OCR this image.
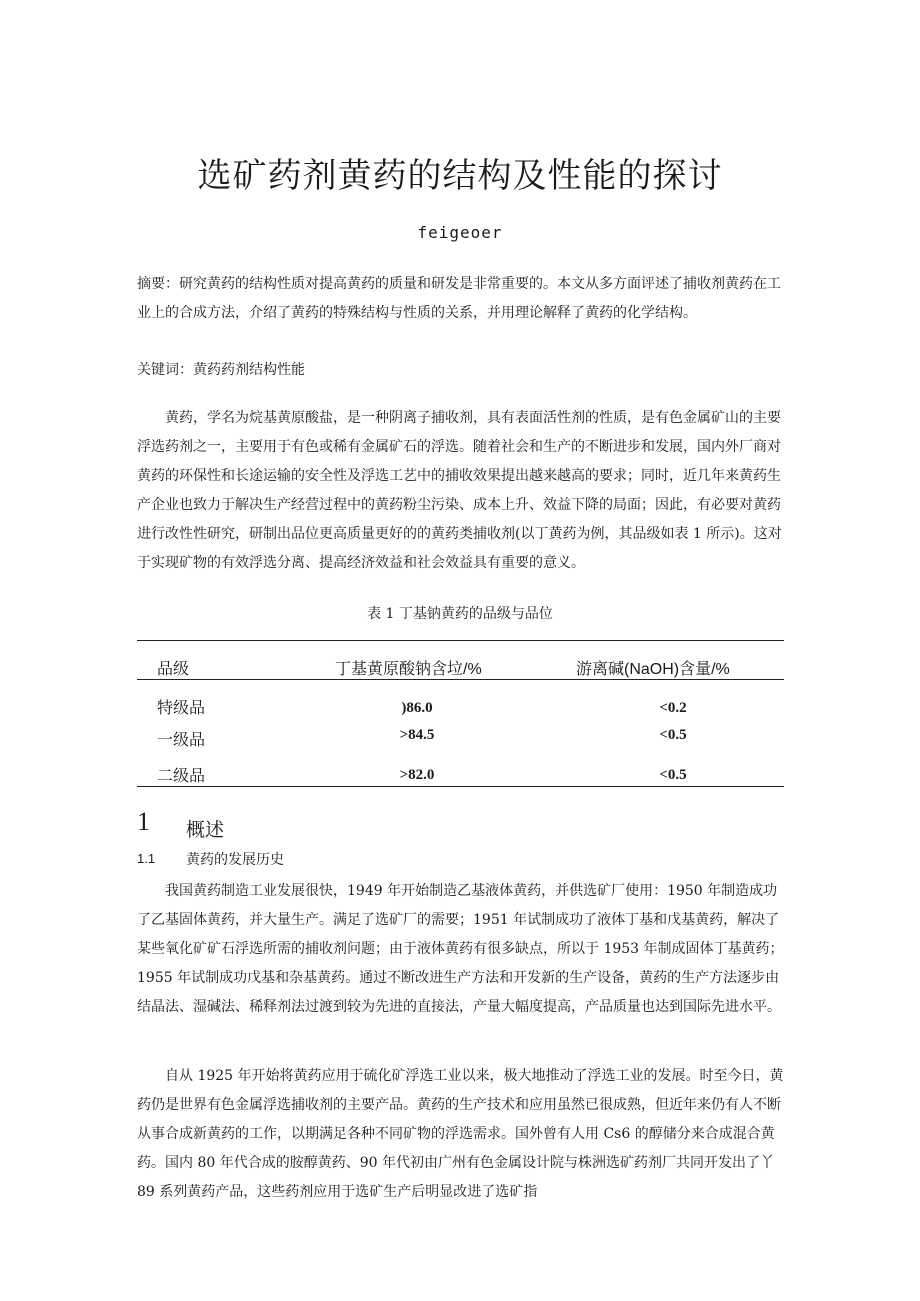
选矿药剂黄药的结构及性能的探讨
feigeoer
摘要：研究黄药的结构性质对提高黄药的质量和研发是非常重要的。本文从多方面评述了捕收剂黄药在工业上的合成方法，介绍了黄药的特殊结构与性质的关系，并用理论解释了黄药的化学结构。
关键词：黄药药剂结构性能
黄药，学名为烷基黄原酸盐，是一种阴离子捕收剂，具有表面活性剂的性质，是有色金属矿山的主要浮选药剂之一，主要用于有色或稀有金属矿石的浮选。随着社会和生产的不断进步和发展，国内外厂商对黄药的环保性和长途运输的安全性及浮选工艺中的捕收效果提出越来越高的要求；同时，近几年来黄药生产企业也致力于解决生产经营过程中的黄药粉尘污染、成本上升、效益下降的局面；因此，有必要对黄药进行改性性研究，研制出品位更高质量更好的的黄药类捕收剂(以丁黄药为例，其品级如表 1 所示)。这对于实现矿物的有效浮选分离、提高经济效益和社会效益具有重要的意义。
表 1 丁基钠黄药的品级与品位
品级	丁基黄原酸钠含垃/%	游离碱(NaOH)含量/%
特级品	)86.0	<0.2
一级品	>84.5	<0.5
二级品	>82.0	<0.5
1 概述
1.1 黄药的发展历史
我国黄药制造工业发展很快，1949 年开始制造乙基液体黄药，并供选矿厂使用：1950 年制造成功了乙基固体黄药，并大量生产。满足了选矿厂的需要；1951 年试制成功了液体丁基和戊基黄药，解决了某些氧化矿矿石浮选所需的捕收剂问题；由于液体黄药有很多缺点，所以于 1953 年制成固体丁基黄药；1955 年试制成功戊基和杂基黄药。通过不断改进生产方法和开发新的生产设备，黄药的生产方法逐步由结晶法、湿碱法、稀释剂法过渡到较为先进的直接法，产量大幅度提高，产品质量也达到国际先进水平。
自从 1925 年开始将黄药应用于硫化矿浮选工业以来，极大地推动了浮选工业的发展。时至今日，黄药仍是世界有色金属浮选捕收剂的主要产品。黄药的生产技术和应用虽然已很成熟，但近年来仍有人不断从事合成新黄药的工作，以期满足各种不同矿物的浮选需求。国外曾有人用 Cs6 的醇储分来合成混合黄药。国内 80 年代合成的胺醇黄药、90 年代初由广州有色金属设计院与株洲选矿药剂厂共同开发出了丫 89 系列黄药产品，这些药剂应用于选矿生产后明显改进了选矿指
